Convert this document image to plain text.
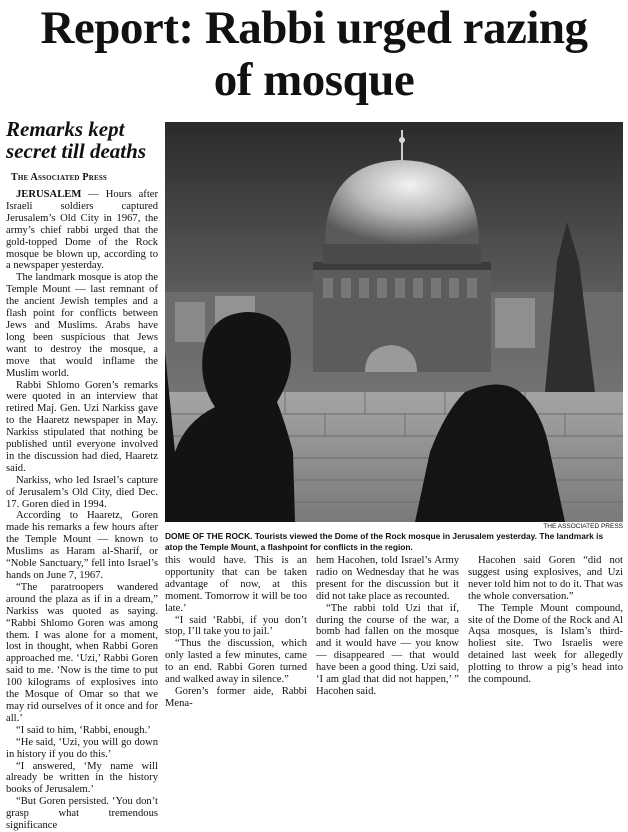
Report: Rabbi urged razing
of mosque
Remarks kept
secret till deaths
The Associated Press

JERUSALEM — Hours after Israeli soldiers captured Jerusalem’s Old City in 1967, the army’s chief rabbi urged that the gold-topped Dome of the Rock mosque be blown up, according to a newspaper yesterday.

The landmark mosque is atop the Temple Mount — last remnant of the ancient Jewish temples and a flash point for conflicts between Jews and Muslims. Arabs have long been suspicious that Jews want to destroy the mosque, a move that would inflame the Muslim world.

Rabbi Shlomo Goren’s remarks were quoted in an interview that retired Maj. Gen. Uzi Narkiss gave to the Haaretz newspaper in May. Narkiss stipulated that nothing be published until everyone involved in the discussion had died, Haaretz said.

Narkiss, who led Israel’s capture of Jerusalem’s Old City, died Dec. 17. Goren died in 1994.

According to Haaretz, Goren made his remarks a few hours after the Temple Mount — known to Muslims as Haram al-Sharif, or “Noble Sanctuary,” fell into Israel’s hands on June 7, 1967.

“The paratroopers wandered around the plaza as if in a dream,” Narkiss was quoted as saying. “Rabbi Shlomo Goren was among them. I was alone for a moment, lost in thought, when Rabbi Goren approached me. ‘Uzi,’ Rabbi Goren said to me. ‘Now is the time to put 100 kilograms of explosives into the Mosque of Omar so that we may rid ourselves of it once and for all.’

“I said to him, ‘Rabbi, enough.’

“He said, ‘Uzi, you will go down in history if you do this.’

“I answered, ‘My name will already be written in the history books of Jerusalem.’

“But Goren persisted. ‘You don’t grasp what tremendous significance

THE ASSOCIATED PRESS
DOME OF THE ROCK. Tourists viewed the Dome of the Rock mosque in Jerusalem yesterday. The landmark is atop the Temple Mount, a flashpoint for conflicts in the region.

this would have. This is an opportunity that can be taken advantage of now, at this moment. Tomorrow it will be too late.’

“I said ‘Rabbi, if you don’t stop, I’ll take you to jail.’

“Thus the discussion, which only lasted a few minutes, came to an end. Rabbi Goren turned and walked away in silence.”

Goren’s former aide, Rabbi Mena-

hem Hacohen, told Israel’s Army radio on Wednesday that he was present for the discussion but it did not take place as recounted.

“The rabbi told Uzi that if, during the course of the war, a bomb had fallen on the mosque and it would have — you know — disappeared — that would have been a good thing. Uzi said, ‘I am glad that did not happen,’ ” Hacohen said.

Hacohen said Goren “did not suggest using explosives, and Uzi never told him not to do it. That was the whole conversation.”

The Temple Mount compound, site of the Dome of the Rock and Al Aqsa mosques, is Islam’s third-holiest site. Two Israelis were detained last week for allegedly plotting to throw a pig’s head into the compound.
